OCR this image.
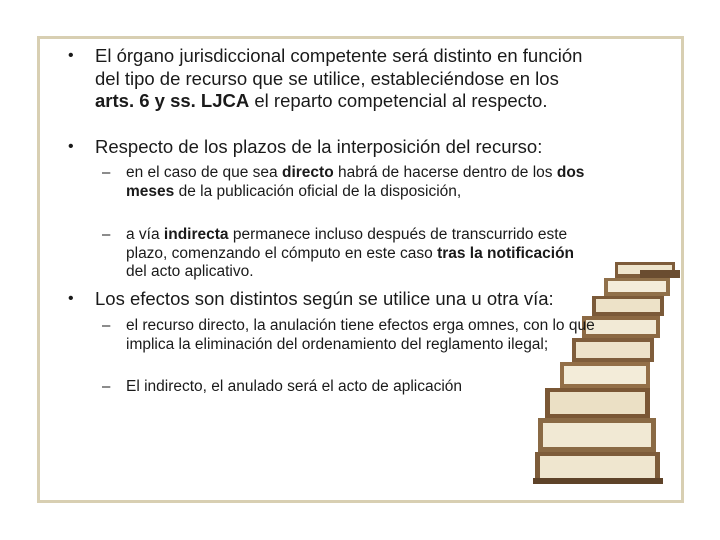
• El órgano jurisdiccional competente será distinto en función del tipo de recurso que se utilice, estableciéndose en los arts. 6 y ss. LJCA el reparto competencial al respecto.
• Respecto de los plazos de la interposición del recurso:
– en el caso de que sea directo habrá de hacerse dentro de los dos meses de la publicación oficial de la disposición,
– a vía indirecta permanece incluso después de transcurrido este plazo, comenzando el cómputo en este caso tras la notificación del acto aplicativo.
• Los efectos son distintos según se utilice una u otra vía:
– el recurso directo, la anulación tiene efectos erga omnes, con lo que implica la eliminación del ordenamiento del reglamento ilegal;
– El indirecto, el anulado será el acto de aplicación
